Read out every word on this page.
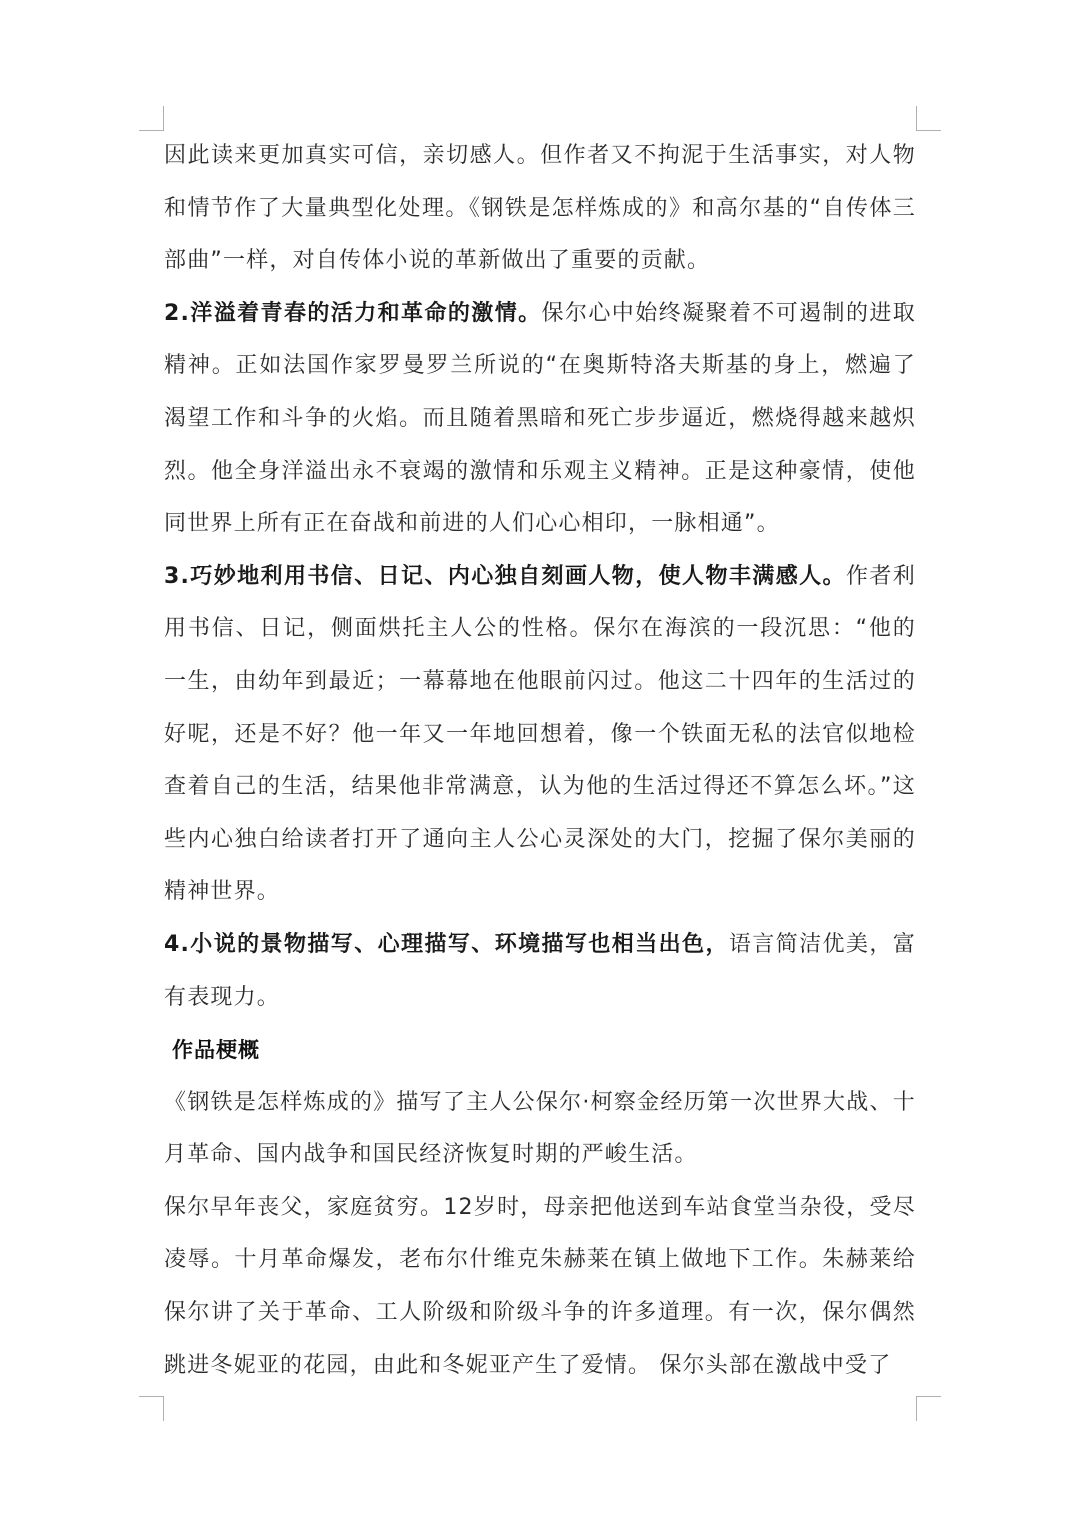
因此读来更加真实可信，亲切感人。但作者又不拘泥于生活事实，对人物和情节作了大量典型化处理。《钢铁是怎样炼成的》和高尔基的“自传体三部曲”一样，对自传体小说的革新做出了重要的贡献。

2.洋溢着青春的活力和革命的激情。保尔心中始终凝聚着不可遏制的进取精神。正如法国作家罗曼罗兰所说的“在奥斯特洛夫斯基的身上，燃遍了渴望工作和斗争的火焰。而且随着黑暗和死亡步步逼近，燃烧得越来越炽烈。他全身洋溢出永不衰竭的激情和乐观主义精神。正是这种豪情，使他同世界上所有正在奋战和前进的人们心心相印，一脉相通”。

3.巧妙地利用书信、日记、内心独自刻画人物，使人物丰满感人。作者利用书信、日记，侧面烘托主人公的性格。保尔在海滨的一段沉思：“他的一生，由幼年到最近；一幕幕地在他眼前闪过。他这二十四年的生活过的好呢，还是不好？他一年又一年地回想着，像一个铁面无私的法官似地检查着自己的生活，结果他非常满意，认为他的生活过得还不算怎么坏。”这些内心独白给读者打开了通向主人公心灵深处的大门，挖掘了保尔美丽的精神世界。

4.小说的景物描写、心理描写、环境描写也相当出色，语言简洁优美，富有表现力。

作品梗概

《钢铁是怎样炼成的》描写了主人公保尔·柯察金经历第一次世界大战、十月革命、国内战争和国民经济恢复时期的严峻生活。

保尔早年丧父，家庭贫穷。12岁时，母亲把他送到车站食堂当杂役，受尽凌辱。十月革命爆发，老布尔什维克朱赫莱在镇上做地下工作。朱赫莱给保尔讲了关于革命、工人阶级和阶级斗争的许多道理。有一次，保尔偶然跳进冬妮亚的花园，由此和冬妮亚产生了爱情。 保尔头部在激战中受了
